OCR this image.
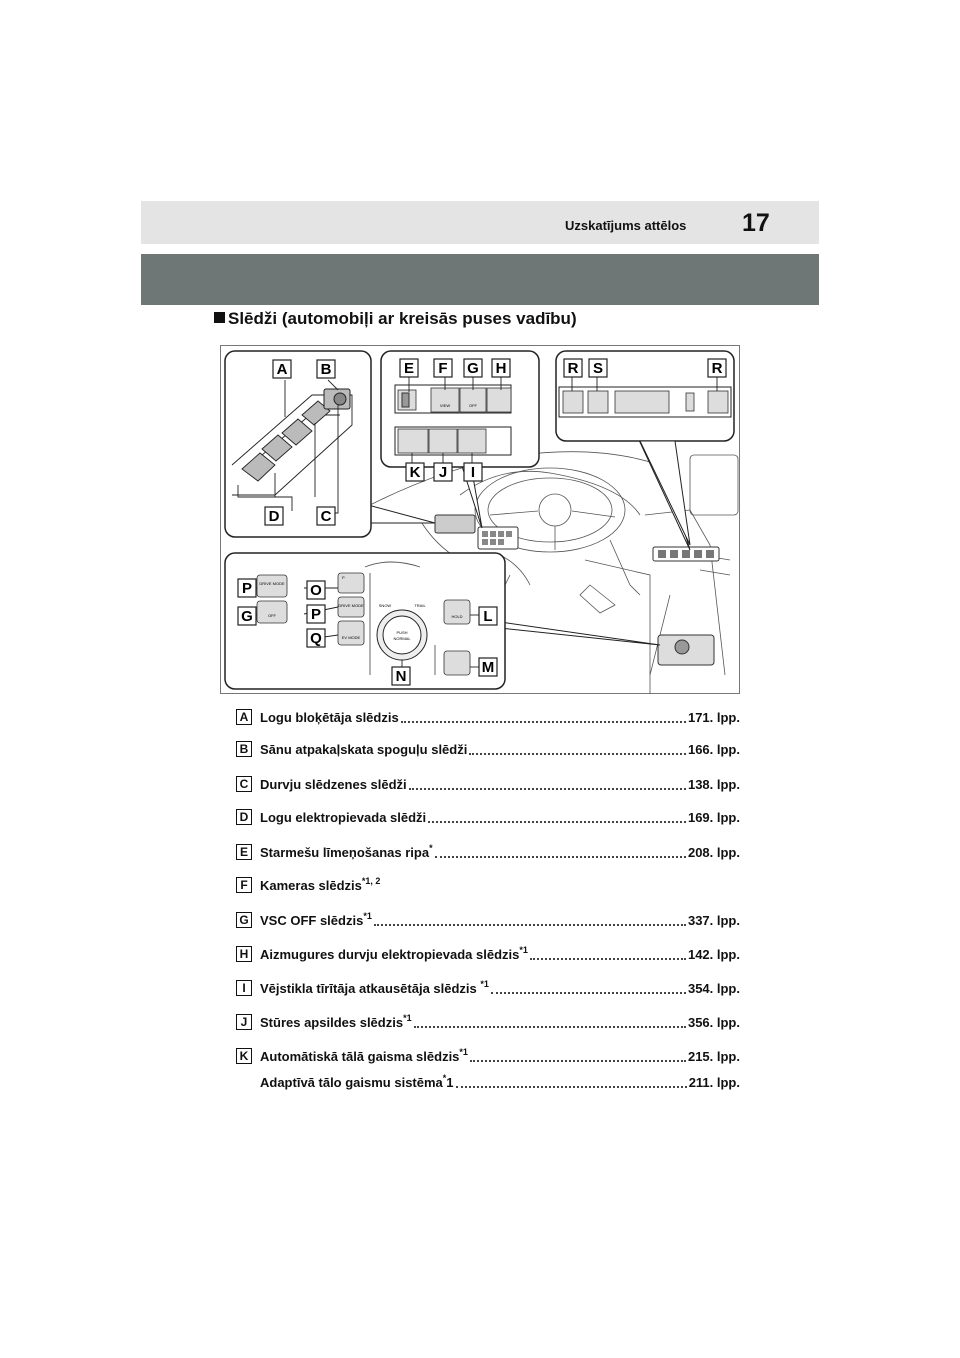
Uzskatījums attēlos 17
Slēdži (automobiļi ar kreisās puses vadību)
A B
C
D
VIEW	OFF
E F G H
K J I
R S	R
DRIVE MODE
OFF
P
DRIVE MODE
EV MODE
PUSH
NORMAL
SNOW	TRAIL
HOLD
P
G
O
P
Q
L
M
N
A Logu bloķētāja slēdzis	171. lpp.
B Sānu atpakaļskata spoguļu slēdži	166. lpp.
C Durvju slēdzenes slēdži	138. lpp.
D Logu elektropievada slēdži	169. lpp.
E Starmešu līmeņošanas ripa*	208. lpp.
F Kameras slēdzis$^{*1, 2}$
G VSC OFF slēdzis$^{*1}$	337. lpp.
H Aizmugures durvju elektropievada slēdzis$^{*1}$	142. lpp.
I	Vējstikla tīrītāja atkausētāja slēdzis $^{*1}$	354. lpp.
J Stūres apsildes slēdzis$^{*1}$	356. lpp.
K Automātiskā tālā gaisma slēdzis$^{*1}$	215. lpp.
Adaptīvā tālo gaismu sistēma*1	211. lpp.
